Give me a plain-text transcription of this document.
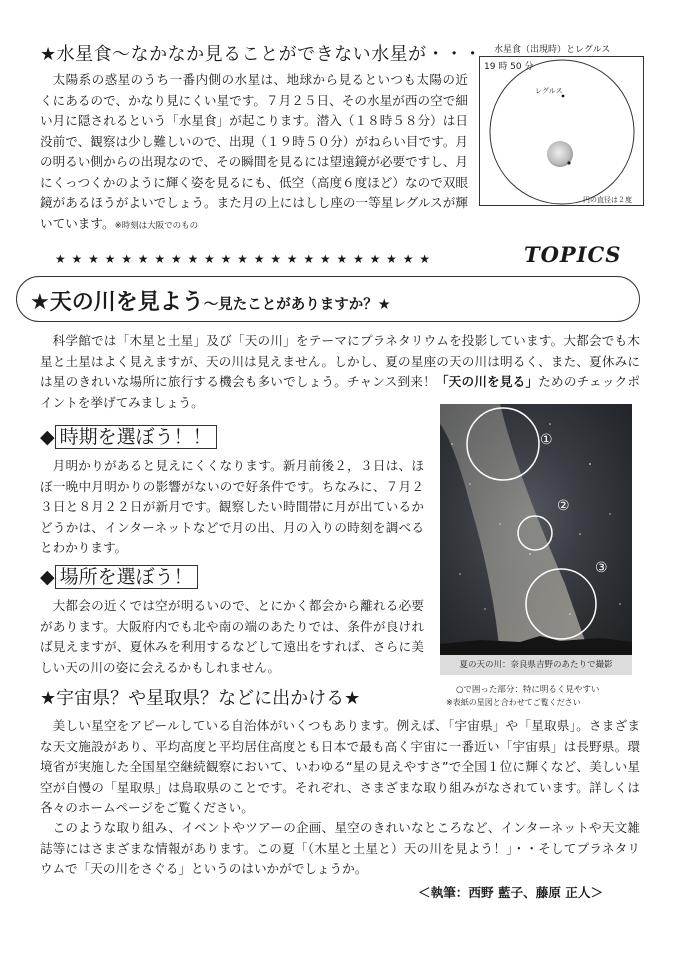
★水星食～なかなか見ることができない水星が・・・
太陽系の惑星のうち一番内側の水星は、地球から見るといつも太陽の近くにあるので、かなり見にくい星です。７月２５日、その水星が西の空で細い月に隠されるという「水星食」が起こります。潜入（１８時５８分）は日没前で、観察は少し難しいので、出現（１９時５０分）がねらい目です。月の明るい側からの出現なので、その瞬間を見るには望遠鏡が必要ですし、月にくっつくかのように輝く姿を見るにも、低空（高度６度ほど）なので双眼鏡があるほうがよいでしょう。また月の上にはしし座の一等星レグルスが輝いています。※時刻は大阪でのもの
水星食（出現時）とレグルス
19 時 50 分
レグルス
円の直径は２度
★★★★★★★★★★★★★★★★★★★★★★★	TOPICS
★天の川を見よう～見たことがありますか？★
科学館では「木星と土星」及び「天の川」をテーマにプラネタリウムを投影しています。大都会でも木星と土星はよく見えますが、天の川は見えません。しかし、夏の星座の天の川は明るく、また、夏休みには星のきれいな場所に旅行する機会も多いでしょう。チャンス到来！「天の川を見る」ためのチェックポイントを挙げてみましょう。
◆ 時期を選ぼう！！
月明かりがあると見えにくくなります。新月前後２，３日は、ほぼ一晩中月明かりの影響がないので好条件です。ちなみに、７月２３日と８月２２日が新月です。観察したい時間帯に月が出ているかどうかは、インターネットなどで月の出、月の入りの時刻を調べるとわかります。
◆ 場所を選ぼう！
大都会の近くでは空が明るいので、とにかく都会から離れる必要があります。大阪府内でも北や南の端のあたりでは、条件が良ければ見えますが、夏休みを利用するなどして遠出をすれば、さらに美しい天の川の姿に会えるかもしれません。
①
②
③
夏の天の川：奈良県吉野のあたりで撮影
○で囲った部分：特に明るく見やすい
※表紙の星図と合わせてご覧ください
★宇宙県？や星取県？などに出かける★
美しい星空をアピールしている自治体がいくつもあります。例えば、「宇宙県」や「星取県」。さまざまな天文施設があり、平均高度と平均居住高度とも日本で最も高く宇宙に一番近い「宇宙県」は長野県。環境省が実施した全国星空継続観察において、いわゆる“星の見えやすさ”で全国１位に輝くなど、美しい星空が自慢の「星取県」は鳥取県のことです。それぞれ、さまざまな取り組みがなされています。詳しくは各々のホームページをご覧ください。
このような取り組み、イベントやツアーの企画、星空のきれいなところなど、インターネットや天文雑誌等にはさまざまな情報があります。この夏「（木星と土星と）天の川を見よう！」・・そしてプラネタリウムで「天の川をさぐる」というのはいかがでしょうか。
＜執筆：西野 藍子、藤原 正人＞
